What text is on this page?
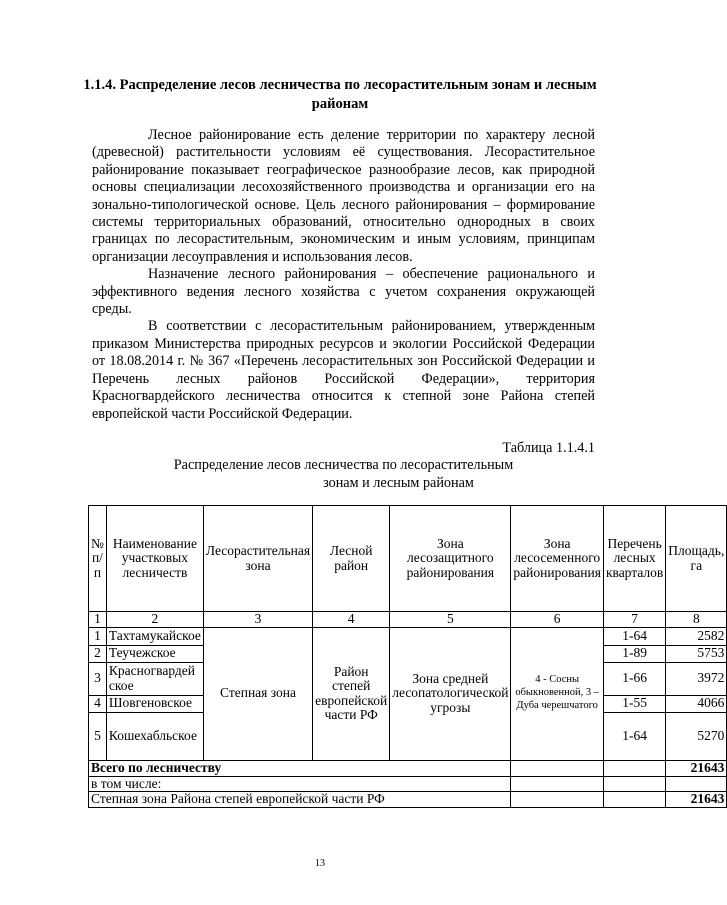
1.1.4. Распределение лесов лесничества по лесорастительным зонам и лесным районам

Лесное районирование есть деление территории по характеру лесной (древесной) растительности условиям её существования. Лесорастительное районирование показывает географическое разнообразие лесов, как природной основы специализации лесохозяйственного производства и организации его на зонально-типологической основе. Цель лесного районирования – формирование системы территориальных образований, относительно однородных в своих границах по лесорастительным, экономическим и иным условиям, принципам организации лесоуправления и использования лесов.

Назначение лесного районирования – обеспечение рационального и эффективного ведения лесного хозяйства с учетом сохранения окружающей среды.

В соответствии с лесорастительным районированием, утвержденным приказом Министерства природных ресурсов и экологии Российской Федерации от 18.08.2014 г. № 367 «Перечень лесорастительных зон Российской Федерации и Перечень лесных районов Российской Федерации», территория Красногвардейского лесничества относится к степной зоне Района степей европейской части Российской Федерации.

Таблица 1.1.4.1
Распределение лесов лесничества по лесорастительным
зонам и лесным районам
№ п/п	Наименование участковых лесничеств	Лесорастительная зона	Лесной район	Зона лесозащитного районирования	Зона лесосеменного районирования	Перечень лесных кварталов	Площадь, га
1	2	3	4	5	6	7	8
1	Тахтамукайское	Степная зона	Район степей европейской части РФ	Зона средней лесопатологической угрозы	4 - Сосны обыкновенной, 3 – Дуба черешчатого	1-64	2582
2	Теучежское					1-89	5753
3	Красногвардейское					1-66	3972
4	Шовгеновское					1-55	4066
5	Кошехабльское					1-64	5270
Всего по лесничеству							21643
в том числе:							
Степная зона Района степей европейской части РФ							21643
13
